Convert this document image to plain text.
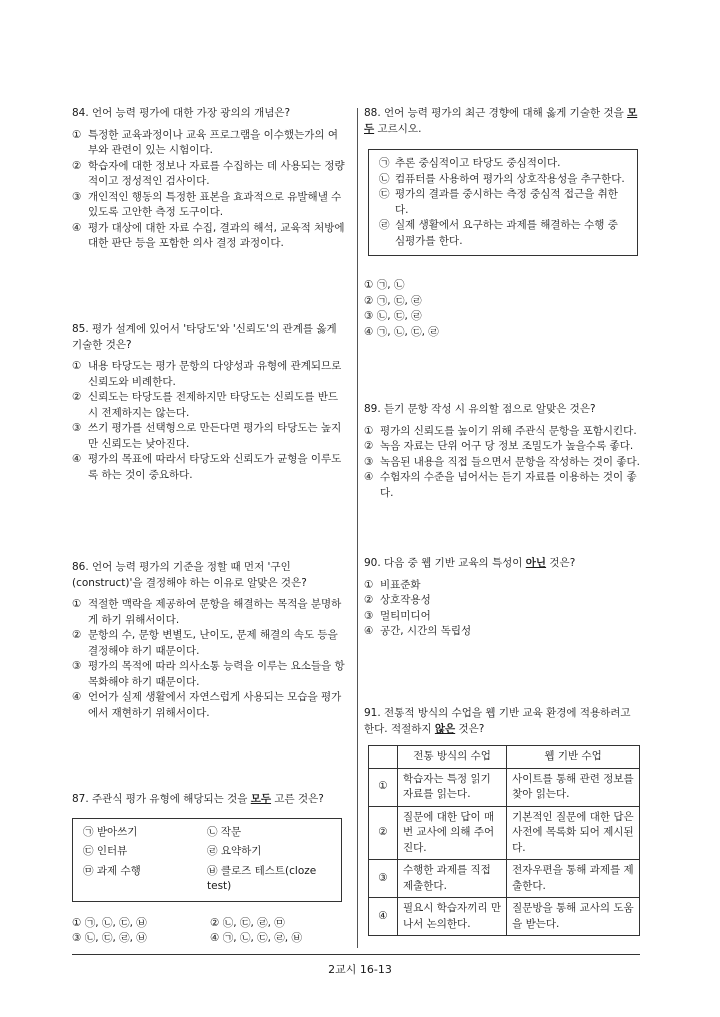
84. 언어 능력 평가에 대한 가장 광의의 개념은?

① 특정한 교육과정이나 교육 프로그램을 이수했는가의 여부와 관련이 있는 시험이다.

② 학습자에 대한 정보나 자료를 수집하는 데 사용되는 정량적이고 정성적인 검사이다.

③ 개인적인 행동의 특정한 표본을 효과적으로 유발해낼 수 있도록 고안한 측정 도구이다.

④ 평가 대상에 대한 자료 수집, 결과의 해석, 교육적 처방에 대한 판단 등을 포함한 의사 결정 과정이다.

85. 평가 설계에 있어서 '타당도'와 '신뢰도'의 관계를 옳게 기술한 것은?

① 내용 타당도는 평가 문항의 다양성과 유형에 관계되므로 신뢰도와 비례한다.

② 신뢰도는 타당도를 전제하지만 타당도는 신뢰도를 반드시 전제하지는 않는다.

③ 쓰기 평가를 선택형으로 만든다면 평가의 타당도는 높지만 신뢰도는 낮아진다.

④ 평가의 목표에 따라서 타당도와 신뢰도가 균형을 이루도록 하는 것이 중요하다.

86. 언어 능력 평가의 기준을 정할 때 먼저 '구인(construct)'을 결정해야 하는 이유로 알맞은 것은?

① 적절한 맥락을 제공하여 문항을 해결하는 목적을 분명하게 하기 위해서이다.

② 문항의 수, 문항 변별도, 난이도, 문제 해결의 속도 등을 결정해야 하기 때문이다.

③ 평가의 목적에 따라 의사소통 능력을 이루는 요소들을 항목화해야 하기 때문이다.

④ 언어가 실제 생활에서 자연스럽게 사용되는 모습을 평가에서 재현하기 위해서이다.

87. 주관식 평가 유형에 해당되는 것을 모두 고른 것은?

㉠ 받아쓰기	㉡ 작문
㉢ 인터뷰	㉣ 요약하기
㉤ 과제 수행	㉥ 클로즈 테스트(cloze test)
① ㉠, ㉡, ㉢, ㉥	② ㉡, ㉢, ㉣, ㉤
③ ㉡, ㉢, ㉣, ㉥	④ ㉠, ㉡, ㉢, ㉣, ㉥

88. 언어 능력 평가의 최근 경향에 대해 옳게 기술한 것을 모두 고르시오.

㉠ 추론 중심적이고 타당도 중심적이다.

㉡ 컴퓨터를 사용하여 평가의 상호작용성을 추구한다.

㉢ 평가의 결과를 중시하는 측정 중심적 접근을 취한다.

㉣ 실제 생활에서 요구하는 과제를 해결하는 수행 중심평가를 한다.

① ㉠, ㉡
② ㉠, ㉢, ㉣
③ ㉡, ㉢, ㉣
④ ㉠, ㉡, ㉢, ㉣

89. 듣기 문항 작성 시 유의할 점으로 알맞은 것은?

① 평가의 신뢰도를 높이기 위해 주관식 문항을 포함시킨다.

② 녹음 자료는 단위 어구 당 정보 조밀도가 높을수록 좋다.

③ 녹음된 내용을 직접 들으면서 문항을 작성하는 것이 좋다.

④ 수험자의 수준을 넘어서는 듣기 자료를 이용하는 것이 좋다.

90. 다음 중 웹 기반 교육의 특성이 아닌 것은?

① 비표준화

② 상호작용성

③ 멀티미디어

④ 공간, 시간의 독립성

91. 전통적 방식의 수업을 웹 기반 교육 환경에 적용하려고 한다. 적절하지 않은 것은?

	전통 방식의 수업	웹 기반 수업
①	학습자는 특정 읽기 자료를 읽는다.	사이트를 통해 관련 정보를 찾아 읽는다.
②	질문에 대한 답이 매번 교사에 의해 주어진다.	기본적인 질문에 대한 답은 사전에 목록화 되어 제시된다.
③	수행한 과제를 직접 제출한다.	전자우편을 통해 과제를 제출한다.
④	필요시 학습자끼리 만나서 논의한다.	질문방을 통해 교사의 도움을 받는다.
2교시 16-13
